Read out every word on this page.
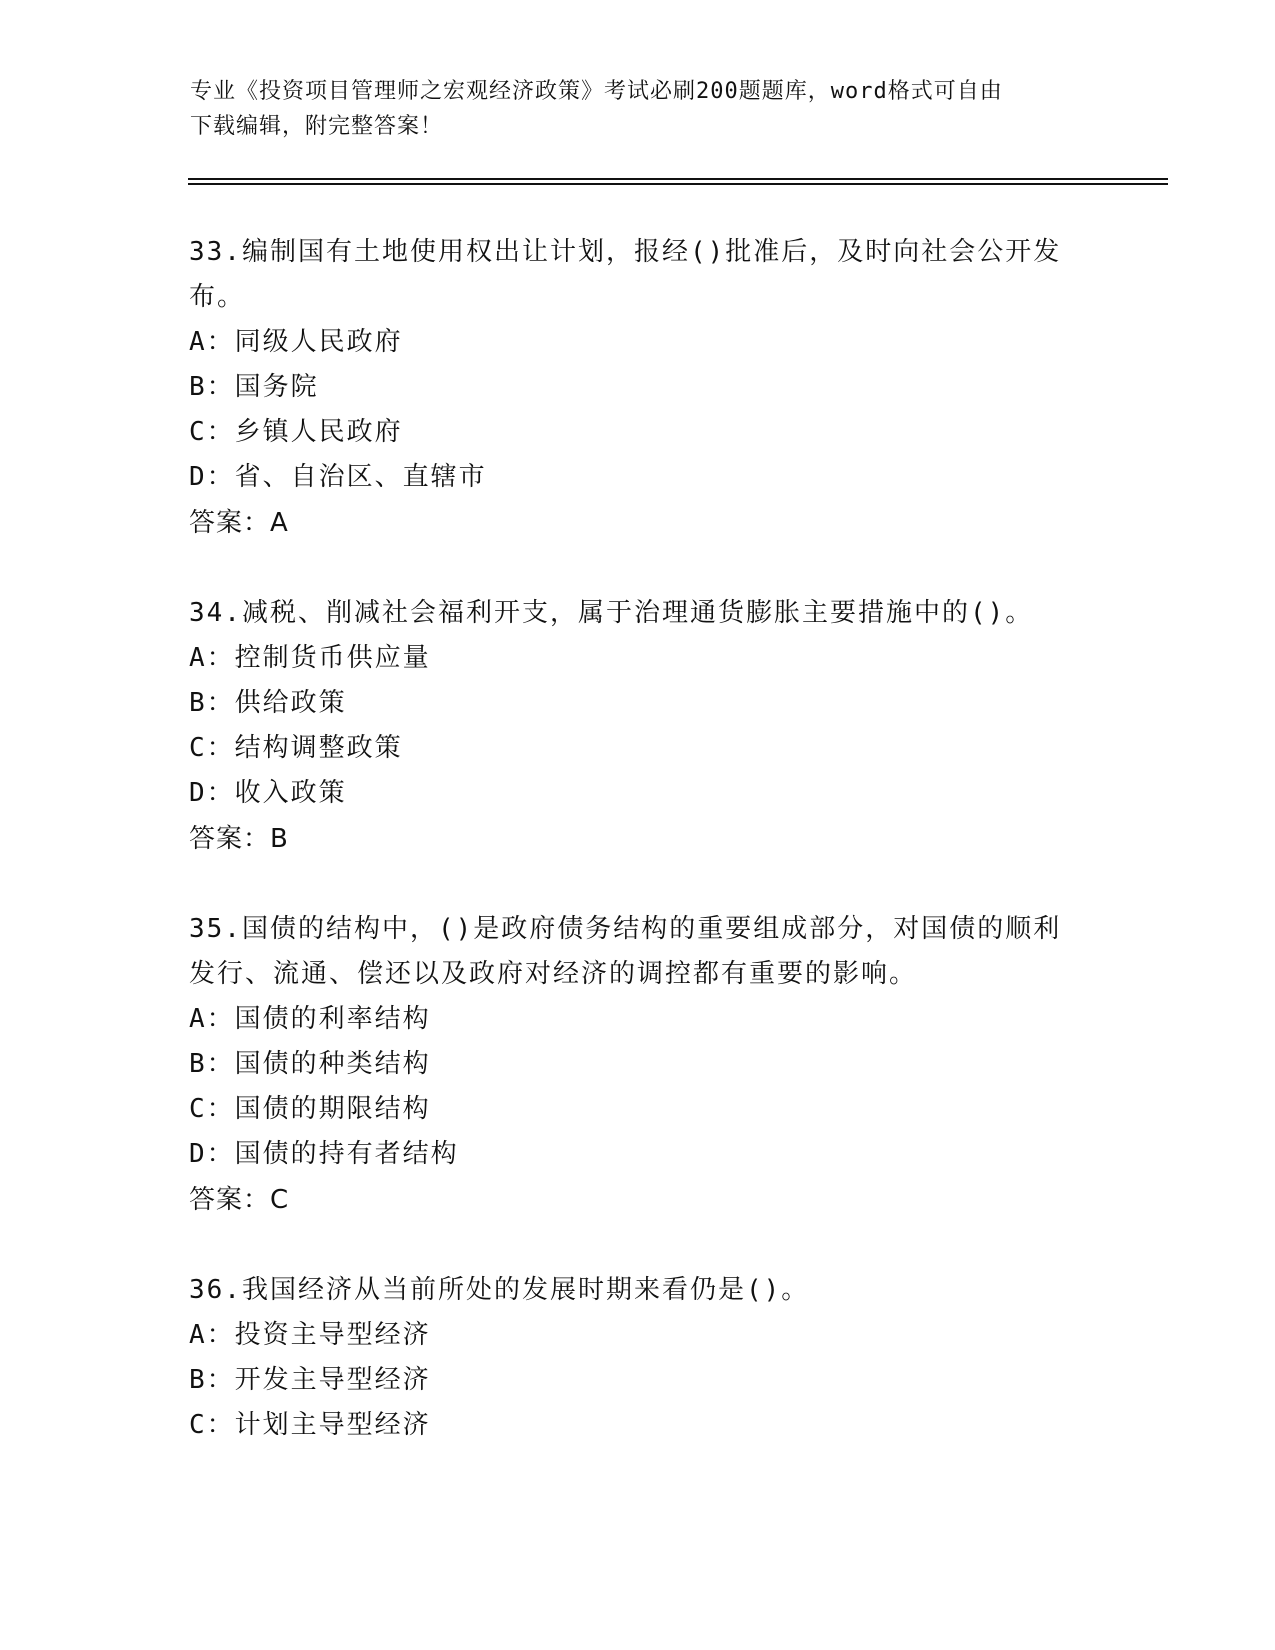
专业《投资项目管理师之宏观经济政策》考试必刷200题题库，word格式可自由
下载编辑，附完整答案！
33.编制国有土地使用权出让计划，报经()批准后，及时向社会公开发
布。
A：同级人民政府
B：国务院
C：乡镇人民政府
D：省、自治区、直辖市
答案：A
34.减税、削减社会福利开支，属于治理通货膨胀主要措施中的()。
A：控制货币供应量
B：供给政策
C：结构调整政策
D：收入政策
答案：B
35.国债的结构中，()是政府债务结构的重要组成部分，对国债的顺利
发行、流通、偿还以及政府对经济的调控都有重要的影响。
A：国债的利率结构
B：国债的种类结构
C：国债的期限结构
D：国债的持有者结构
答案：C
36.我国经济从当前所处的发展时期来看仍是()。
A：投资主导型经济
B：开发主导型经济
C：计划主导型经济
